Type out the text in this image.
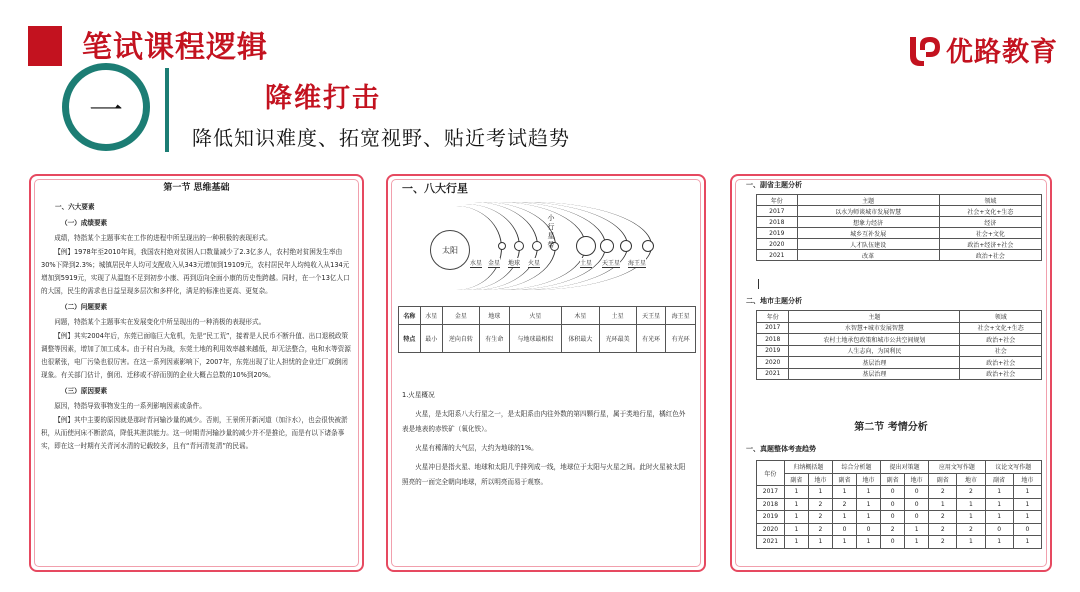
笔试课程逻辑	优路教育
一	降维打击
降低知识难度、拓宽视野、贴近考试趋势
第一节 思维基础
一、六大要素
（一）成绩要素

成绩，特指某个主题事实在工作的进程中所呈现出的一种积极的表现形式。

【例】1978年至2010年间，我国农村绝对贫困人口数量减少了2.3亿多人，农村绝对贫困发生率由30%下降到2.3%；城镇居民年人均可支配收入从343元增加到19109元，农村居民年人均纯收入从134元增加到5919元，实现了从温饱不足到初步小康、再到迈向全面小康的历史性跨越。同时，在一个13亿人口的大国，民生的需求也日益呈现多层次和多样化，满足的标准也更高、更复杂。

（二）问题要素

问题，特指某个主题事实在发展变化中所呈现出的一种消极的表现形式。

【例】其实2004年后，东莞已面临巨大危机，先是“民工荒”，接着是人民币不断升值、出口退税政策调整等因素，增加了加工成本。由于村自为战，东莞土地的利用效率越来越低，却无法整合，电和水等资源也很紧张，电厂污染也很厉害。在这一系列因素影响下，2007年，东莞出现了让人担忧的企业迁厂或倒闭现象。有关部门估计，倒闭、迁移或不辞而别的企业大概占总数的10%到20%。

（三）原因要素

原因，特指导致事物发生的一系列影响因素或条件。

【例】其中主要的原因就是那时青河输沙量的减少。否则，王景所开新河道（加汴水），也会很快被淤积，从而使河床不断淤高，降低其泄洪能力。这一时期青河输沙量的减少并不是推论，而是有以下诸条事实，即在这一时期有关青河水清的记载较多，且有“青河清复清”的民谣。

一、八大行星
太阳
水星 金星 地球 火星	土星 天王星 海王星
小行星带
名称	水星	金星	地球	火星	木星	土星	天王星	海王星
特点	最小	逆向自转	有生命	与地球最相似	体积最大	光环最美	有光环	有光环

1.火星概况

火星，是太阳系八大行星之一，是太阳系由内往外数的第四颗行星，属于类地行星，橘红色外表是地表的赤铁矿（氧化铁）。

火星有稀薄的大气层，大约为地球的1%。

火星冲日是指火星、地球和太阳几乎排列成一线，地球位于太阳与火星之间。此时火星被太阳照亮的一面完全朝向地球，所以明亮而易于观察。

一、副省主题分析
年份	主题	领域
2017	以水为师谈城市发展智慧	社会+文化+生态
2018	想象力经济	经济
2019	城乡互补发展	社会+文化
2020	人才队伍建设	政治+经济+社会
2021	改革	政治+社会
二、地市主题分析
年份	主题	领域
2017	水智慧+城市发展智慧	社会+文化+生态
2018	农村土地承包政策和城市公共空间规划	政治+社会
2019	人生志向，为国利民	社会
2020	基层治理	政治+社会
2021	基层治理	政治+社会
第二节 考情分析
一、真题整体考查趋势
年份	归纳概括题		综合分析题		提出对策题		应用文写作题		议论文写作题	
	副省	地市	副省	地市	副省	地市	副省	地市	副省	地市
2017	1	1	1	1	0	0	2	2	1	1
2018	1	2	2	1	0	0	1	1	1	1
2019	1	2	1	1	0	0	2	1	1	1
2020	1	2	0	0	2	1	2	2	0	0
2021	1	1	1	1	0	1	2	1	1	1
